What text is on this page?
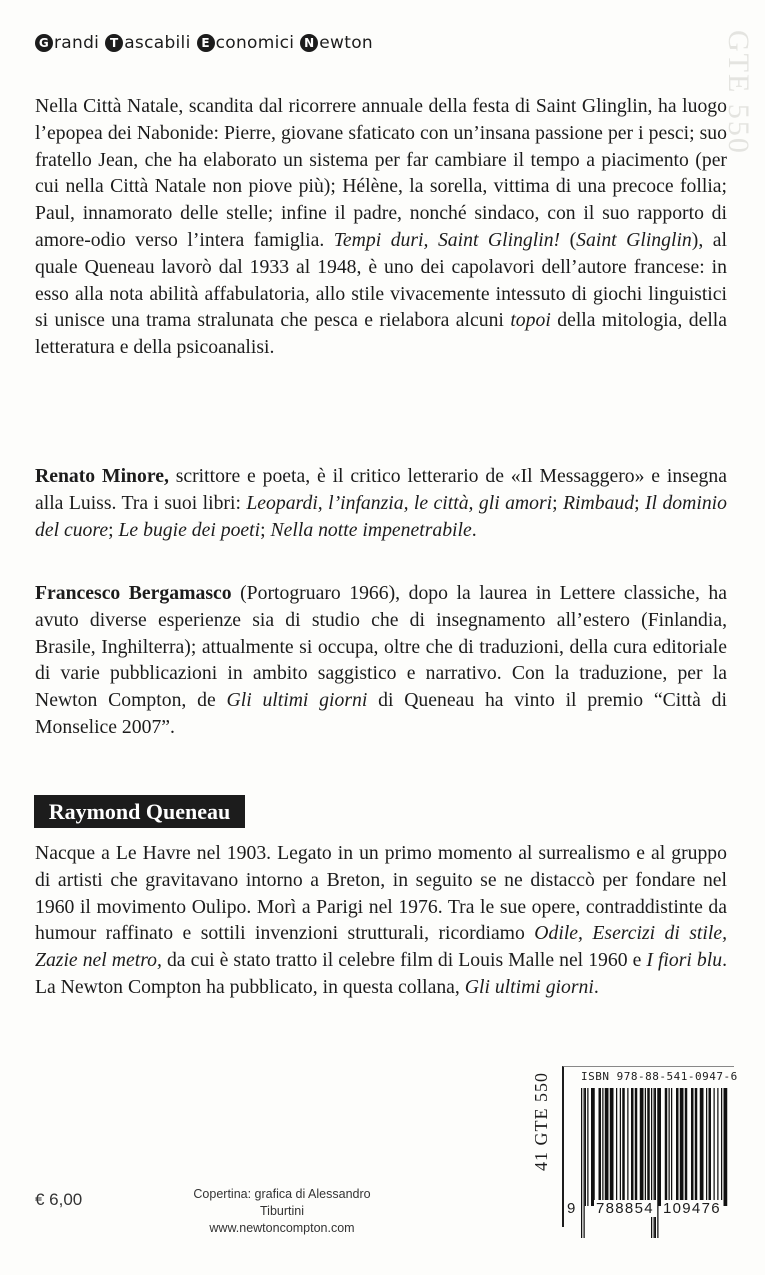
G randi T ascabili E conomici N ewton	GTE 550

Nella Città Natale, scandita dal ricorrere annuale della festa di Saint Glinglin, ha luogo l’epopea dei Nabonide: Pierre, giovane sfaticato con un’insana passione per i pesci; suo fratello Jean, che ha elaborato un sistema per far cambiare il tempo a piacimento (per cui nella Città Natale non piove più); Hélène, la sorella, vittima di una precoce follia; Paul, innamorato delle stelle; infine il padre, nonché sindaco, con il suo rapporto di amore-odio verso l’intera famiglia. Tempi duri, Saint Glinglin! (Saint Glinglin), al quale Queneau lavorò dal 1933 al 1948, è uno dei capolavori dell’autore francese: in esso alla nota abilità affabulatoria, allo stile vivacemente intessuto di giochi linguistici si unisce una trama stralunata che pesca e rielabora alcuni topoi della mitologia, della letteratura e della psicoanalisi.

Renato Minore, scrittore e poeta, è il critico letterario de «Il Messaggero» e insegna alla Luiss. Tra i suoi libri: Leopardi, l’infanzia, le città, gli amori; Rimbaud; Il dominio del cuore; Le bugie dei poeti; Nella notte impenetrabile.

Francesco Bergamasco (Portogruaro 1966), dopo la laurea in Lettere classiche, ha avuto diverse esperienze sia di studio che di insegnamento all’estero (Finlandia, Brasile, Inghilterra); attualmente si occupa, oltre che di traduzioni, della cura editoriale di varie pubblicazioni in ambito saggistico e narrativo. Con la traduzione, per la Newton Compton, de Gli ultimi giorni di Queneau ha vinto il premio “Città di Monselice 2007”.

Raymond Queneau

Nacque a Le Havre nel 1903. Legato in un primo momento al surrealismo e al gruppo di artisti che gravitavano intorno a Breton, in seguito se ne distaccò per fondare nel 1960 il movimento Oulipo. Morì a Parigi nel 1976. Tra le sue opere, contraddistinte da humour raffinato e sottili invenzioni strutturali, ricordiamo Odile, Esercizi di stile, Zazie nel metro, da cui è stato tratto il celebre film di Louis Malle nel 1960 e I fiori blu. La Newton Compton ha pubblicato, in questa collana, Gli ultimi giorni.

€ 6,00	Copertina: grafica di Alessandro Tiburtini
www.newtoncompton.com
41 GTE 550	ISBN 978-88-541-0947-6
9 788854 109476
